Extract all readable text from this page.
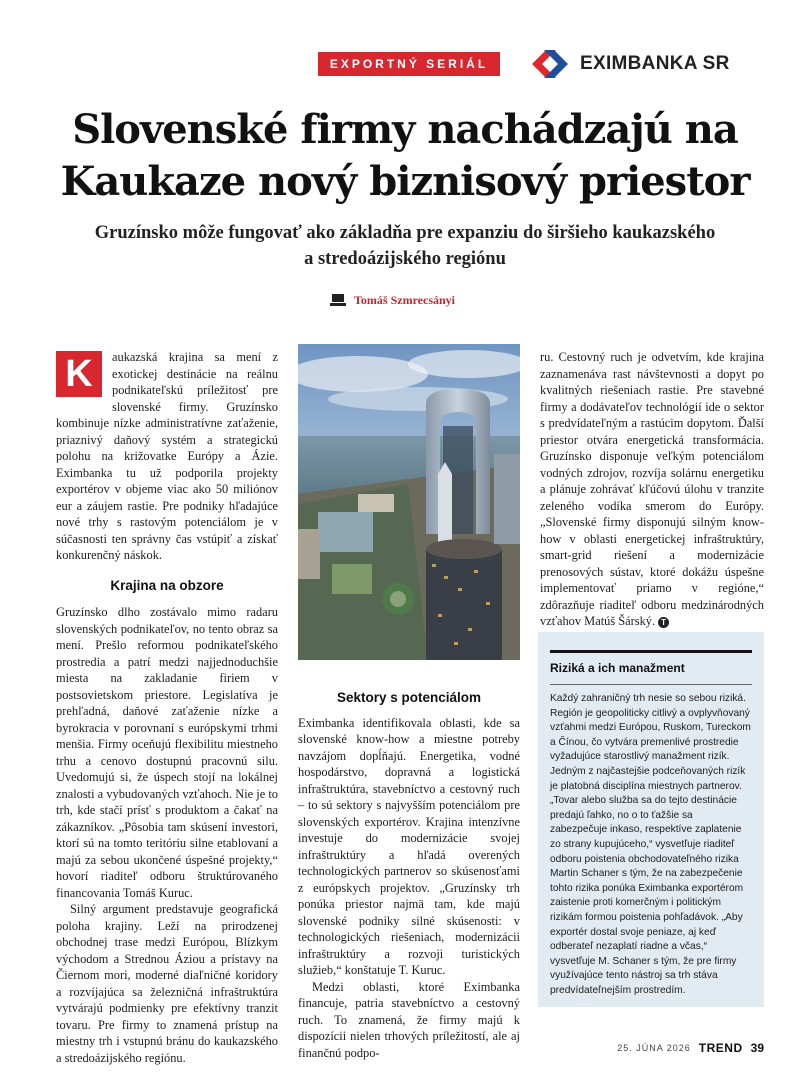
EXPORTNÝ SERIÁL	EXIMBANKA SR
Slovenské firmy nachádzajú na Kaukaze nový biznisový priestor
Gruzínsko môže fungovať ako základňa pre expanziu do širšieho kaukazského a stredoázijského regiónu
Tomáš Szmrecsányi

K	aukazská krajina sa mení z exotickej destinácie na reálnu podnikateľskú príležitosť pre slovenské firmy. Gruzínsko kombinuje nízke administratívne zaťaženie, priaznivý daňový systém a strategickú polohu na križovatke Európy a Ázie. Eximbanka tu už podporila projekty exportérov v objeme viac ako 50 miliónov eur a záujem rastie. Pre podniky hľadajúce nové trhy s rastovým potenciálom je v súčasnosti ten správny čas vstúpiť a získať konkurenčný náskok.

Krajina na obzore

Gruzínsko dlho zostávalo mimo radaru slovenských podnikateľov, no tento obraz sa mení. Prešlo reformou podnikateľského prostredia a patrí medzi najjednoduchšie miesta na zakladanie firiem v postsovietskom priestore. Legislatíva je prehľadná, daňové zaťaženie nízke a byrokracia v porovnaní s európskymi trhmi menšia. Firmy oceňujú flexibilitu miestneho trhu a cenovo dostupnú pracovnú silu. Uvedomujú si, že úspech stojí na lokálnej znalosti a vybudovaných vzťahoch. Nie je to trh, kde stačí prísť s produktom a čakať na zákazníkov. „Pôsobia tam skúsení investori, ktorí sú na tomto teritóriu silne etablovaní a majú za sebou ukončené úspešné projekty,“ hovorí riaditeľ odboru štruktúrovaného financovania Tomáš Kuruc.

Silný argument predstavuje geografická poloha krajiny. Leží na prirodzenej obchodnej trase medzi Európou, Blízkym východom a Strednou Áziou a prístavy na Čiernom mori, moderné diaľničné koridory a rozvíjajúca sa železničná infraštruktúra vytvárajú podmienky pre efektívny tranzit tovaru. Pre firmy to znamená prístup na miestny trh i vstupnú bránu do kaukazského a stredoázijského regiónu.

Sektory s potenciálom

Eximbanka identifikovala oblasti, kde sa slovenské know-how a miestne potreby navzájom dopĺňajú. Energetika, vodné hospodárstvo, dopravná a logistická infraštruktúra, stavebníctvo a cestovný ruch – to sú sektory s najvyšším potenciálom pre slovenských exportérov. Krajina intenzívne investuje do modernizácie svojej infraštruktúry a hľadá overených technologických partnerov so skúsenosťami z európskych projektov. „Gruzínsky trh ponúka priestor najmä tam, kde majú slovenské podniky silné skúsenosti: v technologických riešeniach, modernizácii infraštruktúry a rozvoji turistických služieb,“ konštatuje T. Kuruc.

Medzi oblasti, ktoré Eximbanka financuje, patria stavebníctvo a cestovný ruch. To znamená, že firmy majú k dispozícii nielen trhových príležitostí, ale aj finančnú podpo-

ru. Cestovný ruch je odvetvím, kde krajina zaznamenáva rast návštevnosti a dopyt po kvalitných riešeniach rastie. Pre stavebné firmy a dodávateľov technológií ide o sektor s predvídateľným a rastúcim dopytom. Ďalší priestor otvára energetická transformácia. Gruzínsko disponuje veľkým potenciálom vodných zdrojov, rozvíja solárnu energetiku a plánuje zohrávať kľúčovú úlohu v tranzite zeleného vodíka smerom do Európy. „Slovenské firmy disponujú silným know-how v oblasti energetickej infraštruktúry, smart-grid riešení a modernizácie prenosových sústav, ktoré dokážu úspešne implementovať priamo v regióne,“ zdôrazňuje riaditeľ odboru medzinárodných vzťahov Matúš Šárský. T

Riziká a ich manažment
Každý zahraničný trh nesie so sebou riziká. Región je geopoliticky citlivý a ovplyvňovaný vzťahmi medzi Európou, Ruskom, Tureckom a Čínou, čo vytvára premenlivé prostredie vyžadujúce starostlivý manažment rizík. Jedným z najčastejšie podceňovaných rizík je platobná disciplína miestnych partnerov. „Tovar alebo služba sa do tejto destinácie predajú ľahko, no o to ťažšie sa zabezpečuje inkaso, respektíve zaplatenie zo strany kupujúceho,“ vysvetľuje riaditeľ odboru poistenia obchodovateľného rizika Martin Schaner s tým, že na zabezpečenie tohto rizika ponúka Eximbanka exportérom zaistenie proti komerčným i politickým rizikám formou poistenia pohľadávok. „Aby exportér dostal svoje peniaze, aj keď odberateľ nezaplatí riadne a včas,“ vysvetľuje M. Schaner s tým, že pre firmy využívajúce tento nástroj sa trh stáva predvídateľnejším prostredím.
25. JÚNA 2026 TREND 39
